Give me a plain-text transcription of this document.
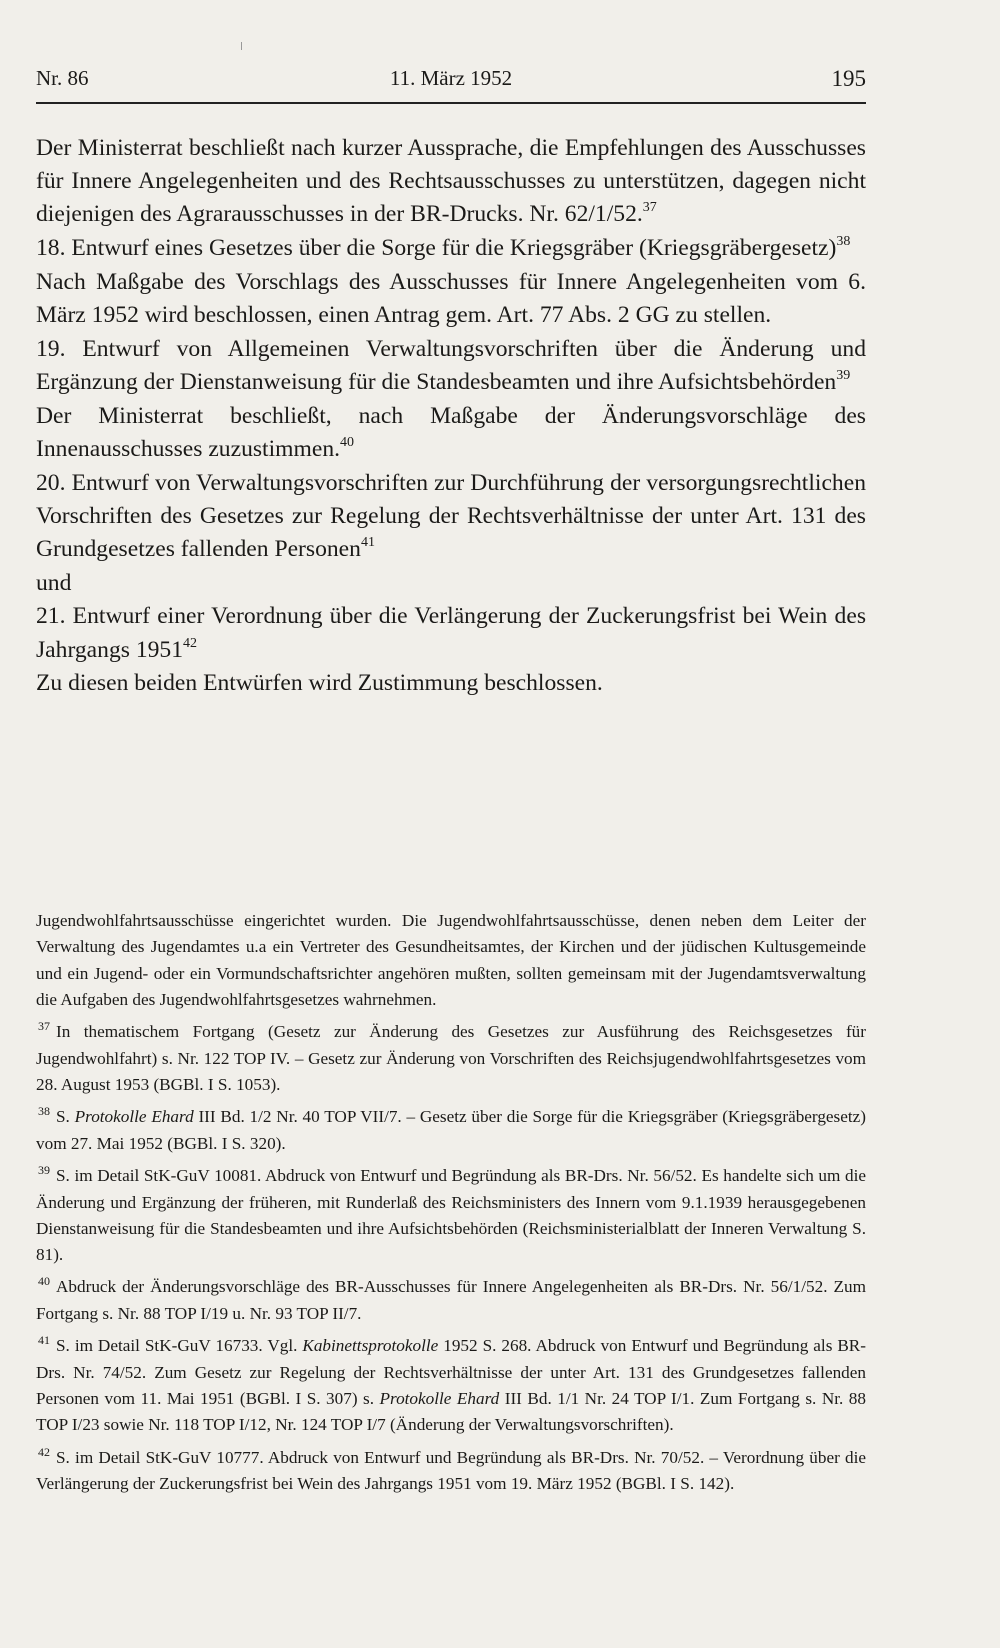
Nr. 86	11. März 1952	195

Der Ministerrat beschließt nach kurzer Aussprache, die Empfehlungen des Ausschusses für Innere Angelegenheiten und des Rechtsausschusses zu unterstützen, dagegen nicht diejenigen des Agrarausschusses in der BR-Drucks. Nr. 62/1/52.37

18. Entwurf eines Gesetzes über die Sorge für die Kriegsgräber (Kriegsgräbergesetz)$^{38}$

Nach Maßgabe des Vorschlags des Ausschusses für Innere Angelegenheiten vom 6. März 1952 wird beschlossen, einen Antrag gem. Art. 77 Abs. 2 GG zu stellen.

19. Entwurf von Allgemeinen Verwaltungsvorschriften über die Änderung und Ergänzung der Dienstanweisung für die Standesbeamten und ihre Aufsichtsbehörden$^{39}$

Der Ministerrat beschließt, nach Maßgabe der Änderungsvorschläge des Innenausschusses zuzustimmen.$^{40}$

20. Entwurf von Verwaltungsvorschriften zur Durchführung der versorgungsrechtlichen Vorschriften des Gesetzes zur Regelung der Rechtsverhältnisse der unter Art. 131 des Grundgesetzes fallenden Personen$^{41}$

und

21. Entwurf einer Verordnung über die Verlängerung der Zuckerungsfrist bei Wein des Jahrgangs 1951$^{42}$

Zu diesen beiden Entwürfen wird Zustimmung beschlossen.

Jugendwohlfahrtsausschüsse eingerichtet wurden. Die Jugendwohlfahrtsausschüsse, denen neben dem Leiter der Verwaltung des Jugendamtes u.a ein Vertreter des Gesundheitsamtes, der Kirchen und der jüdischen Kultusgemeinde und ein Jugend- oder ein Vormundschaftsrichter angehören mußten, sollten gemeinsam mit der Jugendamtsverwaltung die Aufgaben des Jugendwohlfahrtsgesetzes wahrnehmen.

$^{37}$ In thematischem Fortgang (Gesetz zur Änderung des Gesetzes zur Ausführung des Reichsgesetzes für Jugendwohlfahrt) s. Nr. 122 TOP IV. – Gesetz zur Änderung von Vorschriften des Reichsjugendwohlfahrtsgesetzes vom 28. August 1953 (BGBl. I S. 1053).

$^{38}$ S. Protokolle Ehard III Bd. 1/2 Nr. 40 TOP VII/7. – Gesetz über die Sorge für die Kriegsgräber (Kriegsgräbergesetz) vom 27. Mai 1952 (BGBl. I S. 320).

$^{39}$ S. im Detail StK-GuV 10081. Abdruck von Entwurf und Begründung als BR-Drs. Nr. 56/52. Es handelte sich um die Änderung und Ergänzung der früheren, mit Runderlaß des Reichsministers des Innern vom 9.1.1939 herausgegebenen Dienstanweisung für die Standesbeamten und ihre Aufsichtsbehörden (Reichsministerialblatt der Inneren Verwaltung S. 81).

$^{40}$ Abdruck der Änderungsvorschläge des BR-Ausschusses für Innere Angelegenheiten als BR-Drs. Nr. 56/1/52. Zum Fortgang s. Nr. 88 TOP I/19 u. Nr. 93 TOP II/7.

$^{41}$ S. im Detail StK-GuV 16733. Vgl. Kabinettsprotokolle 1952 S. 268. Abdruck von Entwurf und Begründung als BR-Drs. Nr. 74/52. Zum Gesetz zur Regelung der Rechtsverhältnisse der unter Art. 131 des Grundgesetzes fallenden Personen vom 11. Mai 1951 (BGBl. I S. 307) s. Protokolle Ehard III Bd. 1/1 Nr. 24 TOP I/1. Zum Fortgang s. Nr. 88 TOP I/23 sowie Nr. 118 TOP I/12, Nr. 124 TOP I/7 (Änderung der Verwaltungsvorschriften).

$^{42}$ S. im Detail StK-GuV 10777. Abdruck von Entwurf und Begründung als BR-Drs. Nr. 70/52. – Verordnung über die Verlängerung der Zuckerungsfrist bei Wein des Jahrgangs 1951 vom 19. März 1952 (BGBl. I S. 142).
